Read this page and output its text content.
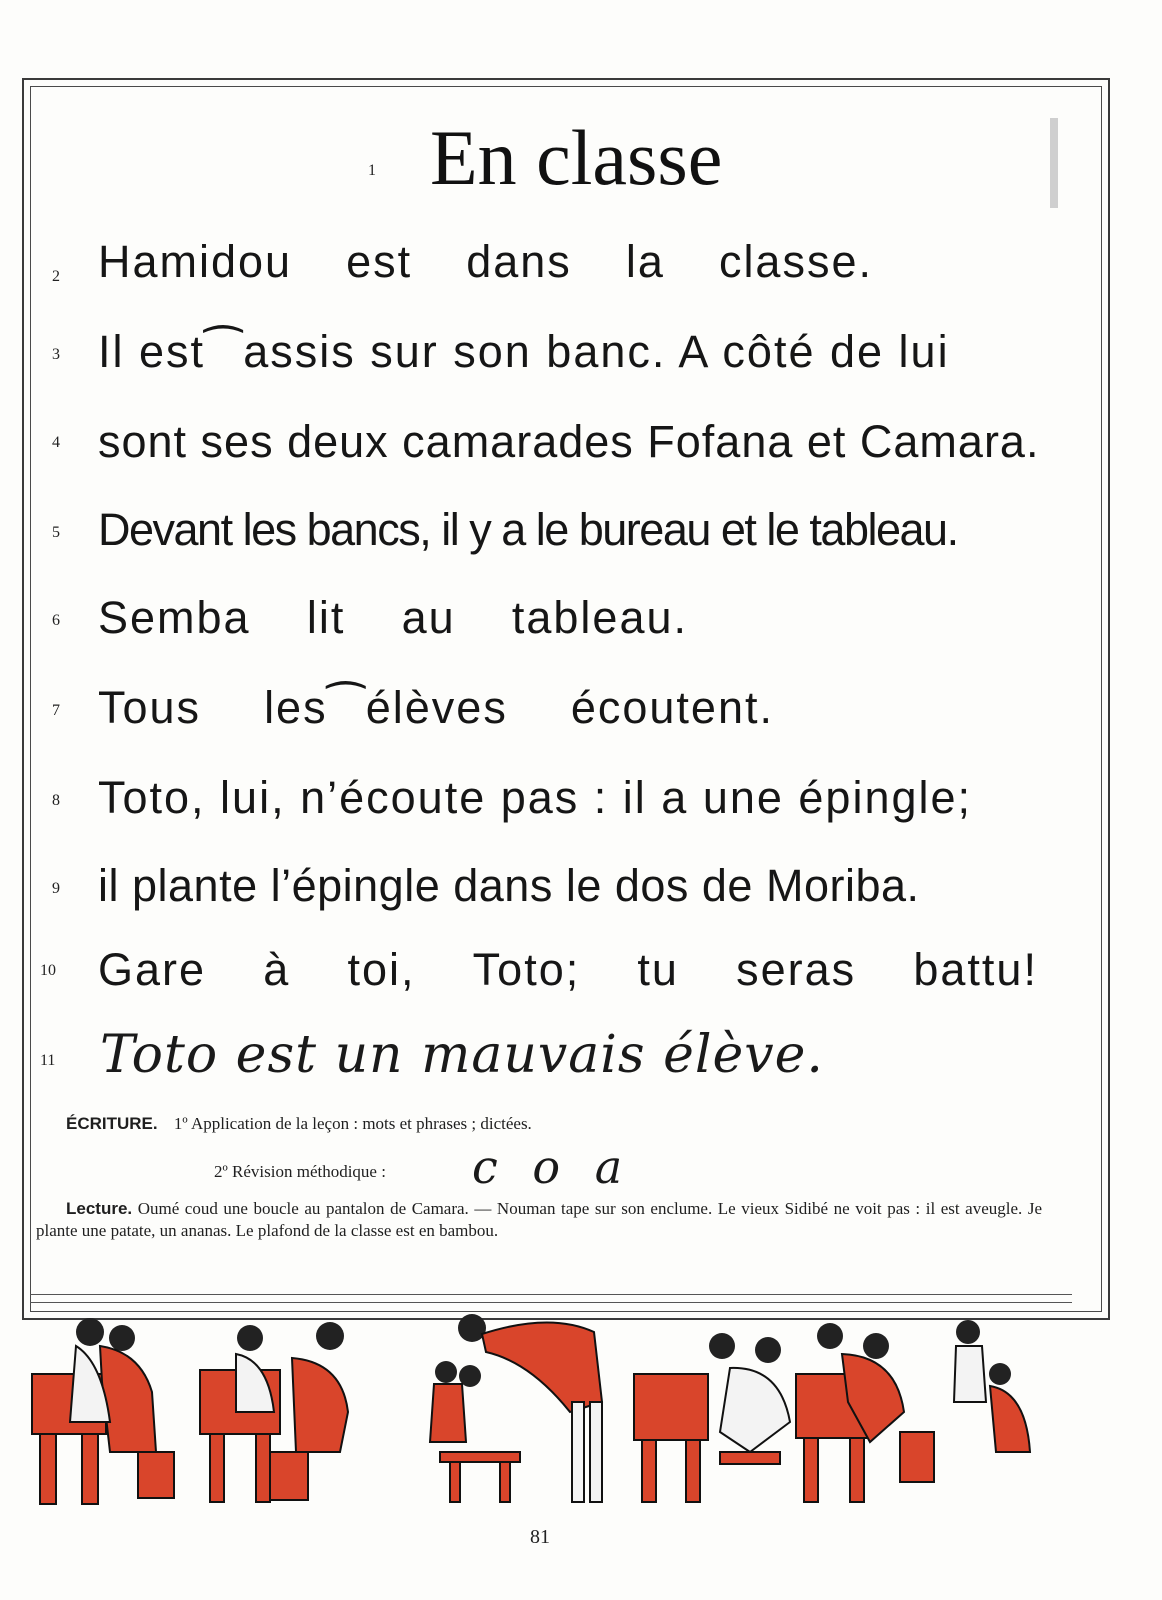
1 En classe
2 Hamidou est dans la classe.
3 Il est⁀assis sur son banc. A côté de lui
4 sont ses deux camarades Fofana et Camara.
5 Devant les bancs, il y a le bureau et le tableau.
6 Semba lit au tableau.
7 Tous les⁀élèves écoutent.
8 Toto, lui, n’écoute pas : il a une épingle;
9 il plante l’épingle dans le dos de Moriba.
10 Gare à toi, Toto; tu seras battu!
11 Toto est un mauvais élève.
ÉCRITURE. 1º Application de la leçon : mots et phrases ; dictées.
2º Révision méthodique : c o a
Lecture. Oumé coud une boucle au pantalon de Camara. — Nouman tape sur son enclume. Le vieux Sidibé ne voit pas : il est aveugle. Je plante une patate, un ananas. Le plafond de la classe est en bambou.
81
